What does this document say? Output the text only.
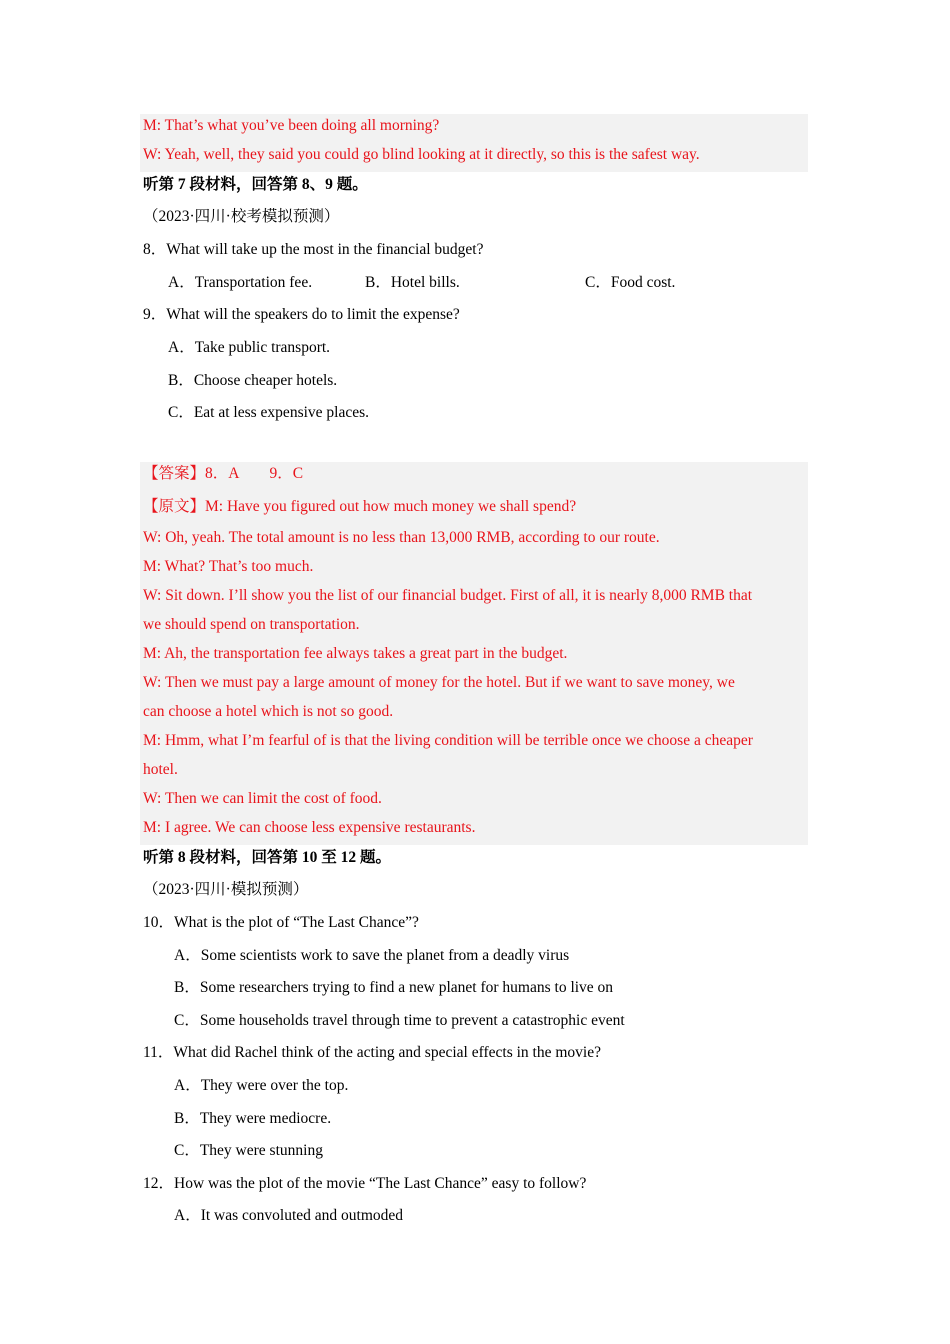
M: That’s what you’ve been doing all morning?
W: Yeah, well, they said you could go blind looking at it directly, so this is the safest way.
听第 7 段材料，回答第 8、9 题。
（2023·四川·校考模拟预测）
8．What will take up the most in the financial budget?
A．Transportation fee.	B．Hotel bills.	C．Food cost.
9．What will the speakers do to limit the expense?
A．Take public transport.
B．Choose cheaper hotels.
C．Eat at less expensive places.
【答案】8．A 9．C
【原文】M: Have you figured out how much money we shall spend?
W: Oh, yeah. The total amount is no less than 13,000 RMB, according to our route.
M: What? That’s too much.
W: Sit down. I’ll show you the list of our financial budget. First of all, it is nearly 8,000 RMB that
we should spend on transportation.
M: Ah, the transportation fee always takes a great part in the budget.
W: Then we must pay a large amount of money for the hotel. But if we want to save money, we
can choose a hotel which is not so good.
M: Hmm, what I’m fearful of is that the living condition will be terrible once we choose a cheaper
hotel.
W: Then we can limit the cost of food.
M: I agree. We can choose less expensive restaurants.
听第 8 段材料，回答第 10 至 12 题。
（2023·四川·模拟预测）
10．What is the plot of “The Last Chance”?
A．Some scientists work to save the planet from a deadly virus
B．Some researchers trying to find a new planet for humans to live on
C．Some households travel through time to prevent a catastrophic event
11．What did Rachel think of the acting and special effects in the movie?
A．They were over the top.
B．They were mediocre.
C．They were stunning
12．How was the plot of the movie “The Last Chance” easy to follow?
A．It was convoluted and outmoded
